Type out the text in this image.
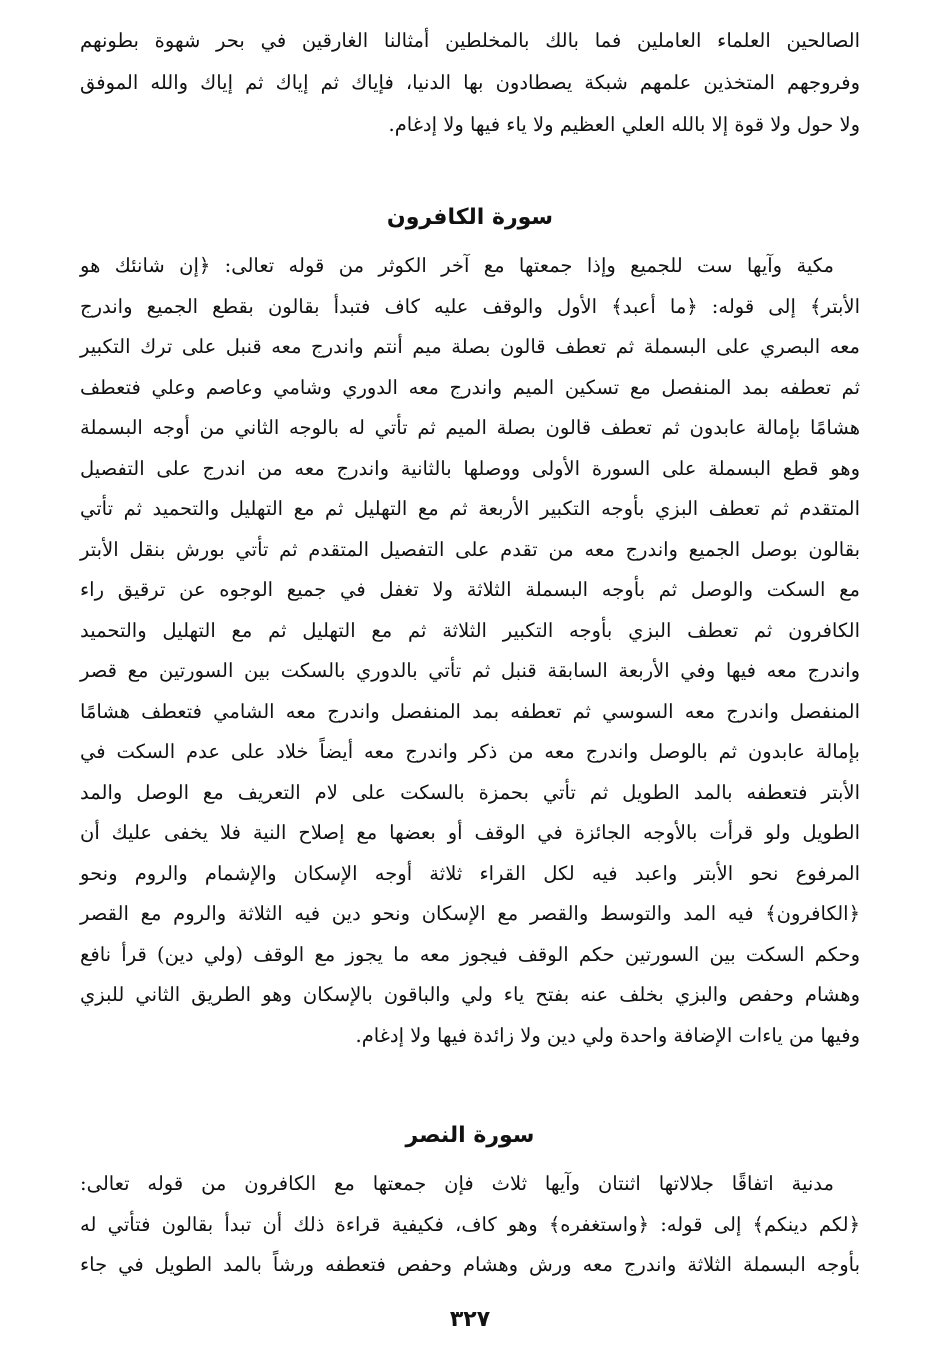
الصالحين العلماء العاملين فما بالك بالمخلطين أمثالنا الغارقين في بحر شهوة بطونهم
وفروجهم المتخذين علمهم شبكة يصطادون بها الدنيا، فإياك ثم إياك ثم إياك والله الموفق
ولا حول ولا قوة إلا بالله العلي العظيم ولا ياء فيها ولا إدغام.

سورة الكافرون

مكية وآيها ست للجميع وإذا جمعتها مع آخر الكوثر من قوله تعالى: ﴿إن شانئك هو
الأبتر﴾ إلى قوله: ﴿ما أعبد﴾ الأول والوقف عليه كاف فتبدأ بقالون بقطع الجميع واندرج
معه البصري على البسملة ثم تعطف قالون بصلة ميم أنتم واندرج معه قنبل على ترك التكبير
ثم تعطفه بمد المنفصل مع تسكين الميم واندرج معه الدوري وشامي وعاصم وعلي فتعطف
هشامًا بإمالة عابدون ثم تعطف قالون بصلة الميم ثم تأتي له بالوجه الثاني من أوجه البسملة
وهو قطع البسملة على السورة الأولى ووصلها بالثانية واندرج معه من اندرج على التفصيل
المتقدم ثم تعطف البزي بأوجه التكبير الأربعة ثم مع التهليل ثم مع التهليل والتحميد ثم تأتي
بقالون بوصل الجميع واندرج معه من تقدم على التفصيل المتقدم ثم تأتي بورش بنقل الأبتر
مع السكت والوصل ثم بأوجه البسملة الثلاثة ولا تغفل في جميع الوجوه عن ترقيق راء
الكافرون ثم تعطف البزي بأوجه التكبير الثلاثة ثم مع التهليل ثم مع التهليل والتحميد
واندرج معه فيها وفي الأربعة السابقة قنبل ثم تأتي بالدوري بالسكت بين السورتين مع قصر
المنفصل واندرج معه السوسي ثم تعطفه بمد المنفصل واندرج معه الشامي فتعطف هشامًا
بإمالة عابدون ثم بالوصل واندرج معه من ذكر واندرج معه أيضاً خلاد على عدم السكت في
الأبتر فتعطفه بالمد الطويل ثم تأتي بحمزة بالسكت على لام التعريف مع الوصل والمد
الطويل ولو قرأت بالأوجه الجائزة في الوقف أو بعضها مع إصلاح النية فلا يخفى عليك أن
المرفوع نحو الأبتر واعبد فيه لكل القراء ثلاثة أوجه الإسكان والإشمام والروم ونحو
﴿الكافرون﴾ فيه المد والتوسط والقصر مع الإسكان ونحو دين فيه الثلاثة والروم مع القصر
وحكم السكت بين السورتين حكم الوقف فيجوز معه ما يجوز مع الوقف (ولي دين) قرأ نافع
وهشام وحفص والبزي بخلف عنه بفتح ياء ولي والباقون بالإسكان وهو الطريق الثاني للبزي
وفيها من ياءات الإضافة واحدة ولي دين ولا زائدة فيها ولا إدغام.

سورة النصر

مدنية اتفاقًا جلالاتها اثنتان وآيها ثلاث فإن جمعتها مع الكافرون من قوله تعالى:
﴿لكم دينكم﴾ إلى قوله: ﴿واستغفره﴾ وهو كاف، فكيفية قراءة ذلك أن تبدأ بقالون فتأتي له
بأوجه البسملة الثلاثة واندرج معه ورش وهشام وحفص فتعطفه ورشاً بالمد الطويل في جاء

٣٢٧
